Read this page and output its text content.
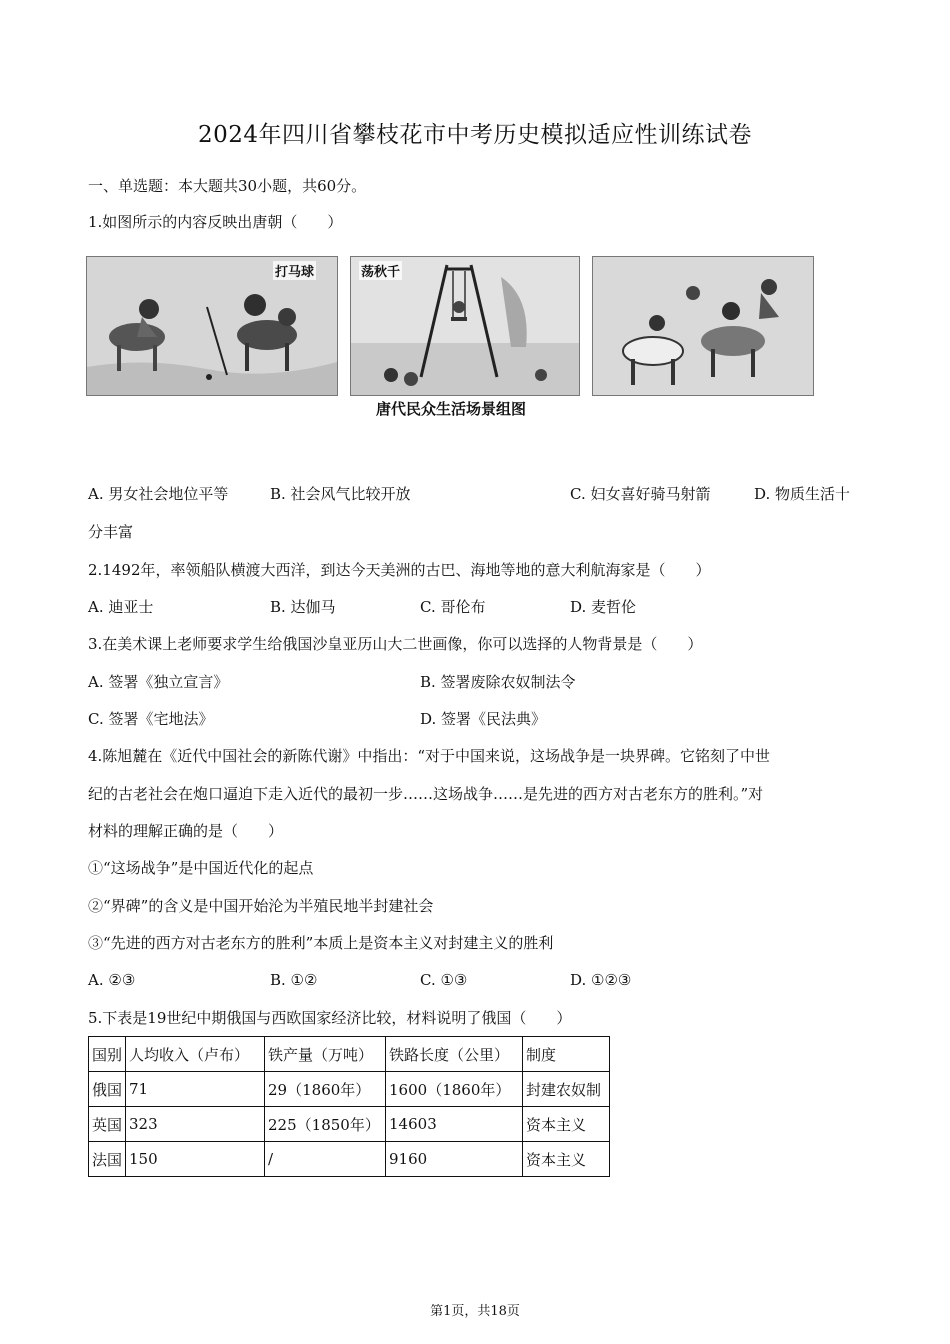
2024年四川省攀枝花市中考历史模拟适应性训练试卷
一、单选题：本大题共30小题，共60分。
1.如图所示的内容反映出唐朝（　　）
打马球	荡秋千
唐代民众生活场景组图
A. 男女社会地位平等	B. 社会风气比较开放	C. 妇女喜好骑马射箭	D. 物质生活十
分丰富
2.1492年，率领船队横渡大西洋，到达今天美洲的古巴、海地等地的意大利航海家是（　　）
A. 迪亚士	B. 达伽马	C. 哥伦布	D. 麦哲伦
3.在美术课上老师要求学生给俄国沙皇亚历山大二世画像，你可以选择的人物背景是（　　）
A. 签署《独立宣言》	B. 签署废除农奴制法令
C. 签署《宅地法》	D. 签署《民法典》
4.陈旭麓在《近代中国社会的新陈代谢》中指出：“对于中国来说，这场战争是一块界碑。它铭刻了中世
纪的古老社会在炮口逼迫下走入近代的最初一步……这场战争……是先进的西方对古老东方的胜利。”对
材料的理解正确的是（　　）
①“这场战争”是中国近代化的起点
②“界碑”的含义是中国开始沦为半殖民地半封建社会
③“先进的西方对古老东方的胜利”本质上是资本主义对封建主义的胜利
A. ②③	B. ①②	C. ①③	D. ①②③
5.下表是19世纪中期俄国与西欧国家经济比较，材料说明了俄国（　　）
国别	人均收入（卢布）	铁产量（万吨）	铁路长度（公里）	制度
俄国	71	29（1860年）	1600（1860年）	封建农奴制
英国	323	225（1850年）	14603	资本主义
法国	150	/	9160	资本主义
第1页，共18页
